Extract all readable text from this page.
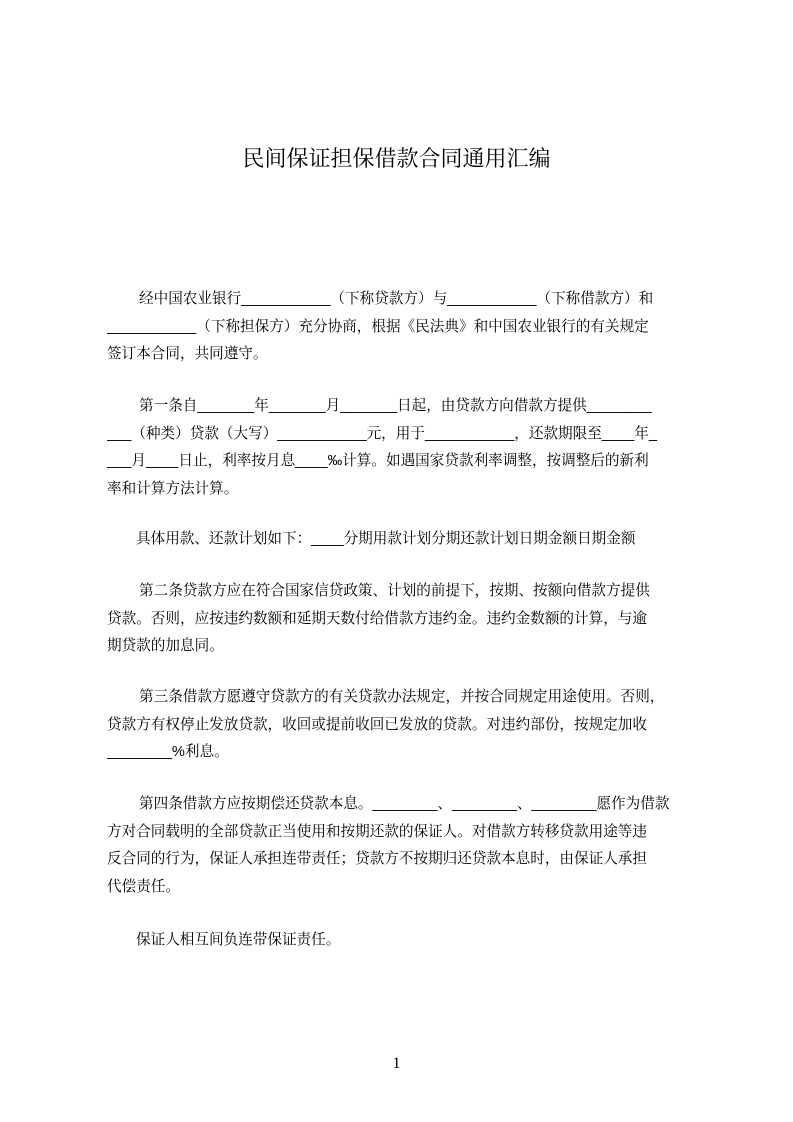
民间保证担保借款合同通用汇编
经中国农业银行___________（下称贷款方）与___________（下称借款方）和
___________（下称担保方）充分协商，根据《民法典》和中国农业银行的有关规定
签订本合同，共同遵守。
第一条自_______年_______月_______日起，由贷款方向借款方提供________
___（种类）贷款（大写）___________元，用于___________，还款期限至____年_
___月____日止，利率按月息____‰计算。如遇国家贷款利率调整，按调整后的新利
率和计算方法计算。
具体用款、还款计划如下：____分期用款计划分期还款计划日期金额日期金额
第二条贷款方应在符合国家信贷政策、计划的前提下，按期、按额向借款方提供
贷款。否则，应按违约数额和延期天数付给借款方违约金。违约金数额的计算，与逾
期贷款的加息同。
第三条借款方愿遵守贷款方的有关贷款办法规定，并按合同规定用途使用。否则，
贷款方有权停止发放贷款，收回或提前收回已发放的贷款。对违约部份，按规定加收
________%利息。
第四条借款方应按期偿还贷款本息。________、________、________愿作为借款
方对合同载明的全部贷款正当使用和按期还款的保证人。对借款方转移贷款用途等违
反合同的行为，保证人承担连带责任；贷款方不按期归还贷款本息时，由保证人承担
代偿责任。
保证人相互间负连带保证责任。
1
